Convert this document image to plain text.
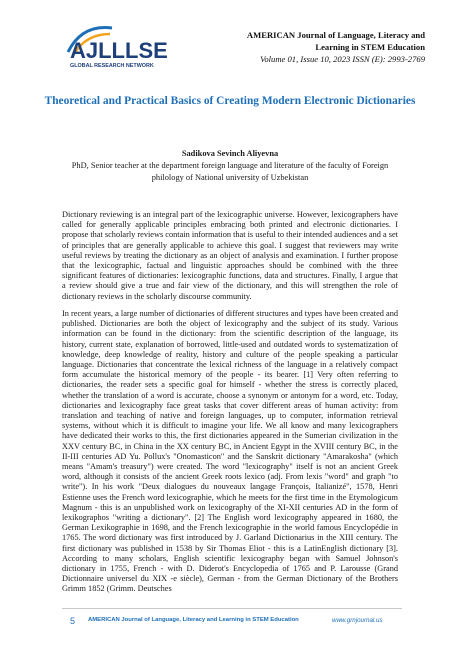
AJLLLSE
GLOBAL RESEARCH NETWORK
AMERICAN Journal of Language, Literacy and
Learning in STEM Education
Volume 01, Issue 10, 2023 ISSN (E): 2993-2769
Theoretical and Practical Basics of Creating Modern Electronic Dictionaries
Sadikova Sevinch Aliyevna
PhD, Senior teacher at the department foreign language and literature of the faculty of Foreign philology of National university of Uzbekistan

Dictionary reviewing is an integral part of the lexicographic universe. However, lexicographers have called for generally applicable principles embracing both printed and electronic dictionaries. I propose that scholarly reviews contain information that is useful to their intended audiences and a set of principles that are generally applicable to achieve this goal. I suggest that reviewers may write useful reviews by treating the dictionary as an object of analysis and examination. I further propose that the lexicographic, factual and linguistic approaches should be combined with the three significant features of dictionaries: lexicographic functions, data and structures. Finally, I argue that a review should give a true and fair view of the dictionary, and this will strengthen the role of dictionary reviews in the scholarly discourse community.

In recent years, a large number of dictionaries of different structures and types have been created and published. Dictionaries are both the object of lexicography and the subject of its study. Various information can be found in the dictionary: from the scientific description of the language, its history, current state, explanation of borrowed, little-used and outdated words to systematization of knowledge, deep knowledge of reality, history and culture of the people speaking a particular language. Dictionaries that concentrate the lexical richness of the language in a relatively compact form accumulate the historical memory of the people - its bearer. [1] Very often referring to dictionaries, the reader sets a specific goal for himself - whether the stress is correctly placed, whether the translation of a word is accurate, choose a synonym or antonym for a word, etc. Today, dictionaries and lexicography face great tasks that cover different areas of human activity: from translation and teaching of native and foreign languages, up to computer, information retrieval systems, without which it is difficult to imagine your life. We all know and many lexicographers have dedicated their works to this, the first dictionaries appeared in the Sumerian civilization in the XXV century BC, in China in the XX century BC, in Ancient Egypt in the XVIII century BC, in the II-III centuries AD Yu. Pollux's "Onomasticon" and the Sanskrit dictionary "Amarakosha" (which means "Amam's treasury") were created. The word "lexicography" itself is not an ancient Greek word, although it consists of the ancient Greek roots lexico (adj. From lexis "word" and graph "to write"). In his work "Deux dialogues du nouveaux langage François, Italianizé", 1578, Henri Estienne uses the French word lexicographie, which he meets for the first time in the Etymologicum Magnum - this is an unpublished work on lexicography of the XI-XII centuries AD in the form of lexikographos "writing a dictionary". [2] The English word lexicography appeared in 1680, the German Lexikographie in 1698, and the French lexicographie in the world famous Encyclopédie in 1765. The word dictionary was first introduced by J. Garland Dictionarius in the XIII century. The first dictionary was published in 1538 by Sir Thomas Eliot - this is a LatinEnglish dictionary [3]. According to many scholars, English scientific lexicography began with Samuel Johnson's dictionary in 1755, French - with D. Diderot's Encyclopedia of 1765 and P. Larousse (Grand Dictionnaire universel du XIX -e siècle), German - from the German Dictionary of the Brothers Grimm 1852 (Grimm. Deutsches

5 AMERICAN Journal of Language, Literacy and Learning in STEM Education	www.grnjournal.us
